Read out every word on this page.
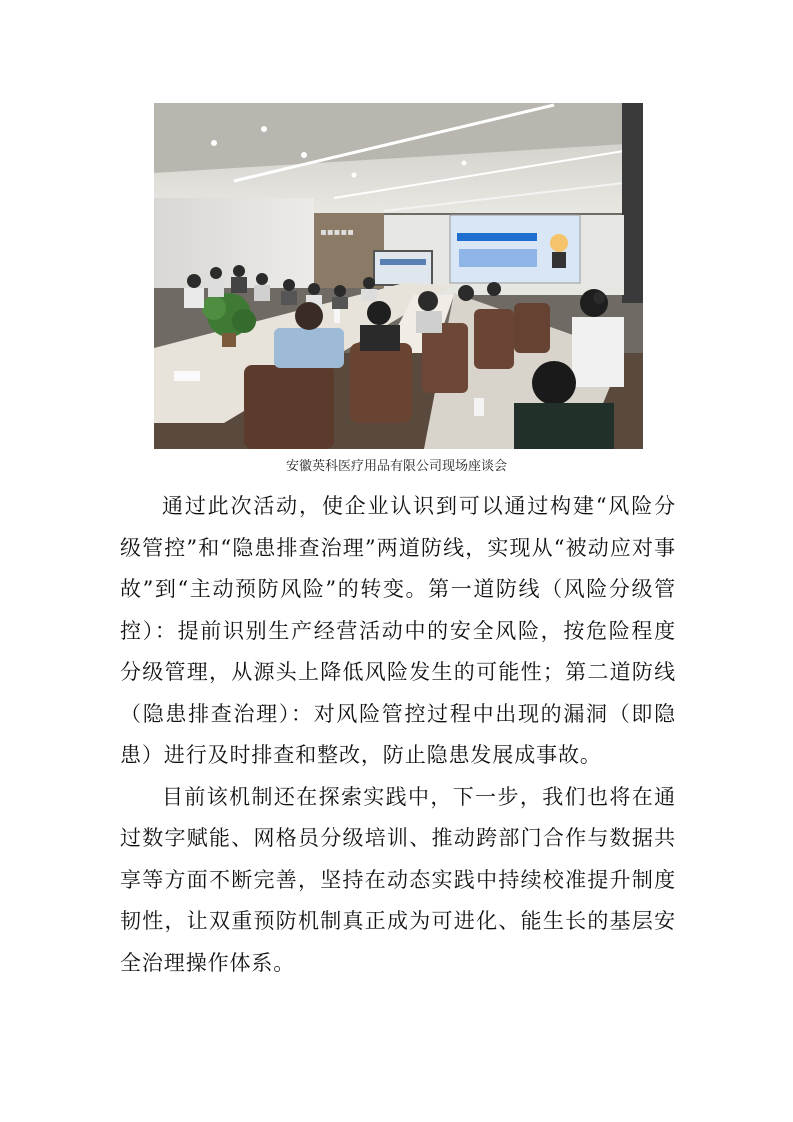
▪▪▪▪▪
安徽英科医疗用品有限公司现场座谈会

通过此次活动，使企业认识到可以通过构建“风险分级管控”和“隐患排查治理”两道防线，实现从“被动应对事故”到“主动预防风险”的转变。第一道防线（风险分级管控）：提前识别生产经营活动中的安全风险，按危险程度分级管理，从源头上降低风险发生的可能性；第二道防线（隐患排查治理）：对风险管控过程中出现的漏洞（即隐患）进行及时排查和整改，防止隐患发展成事故。

目前该机制还在探索实践中，下一步，我们也将在通过数字赋能、网格员分级培训、推动跨部门合作与数据共享等方面不断完善，坚持在动态实践中持续校准提升制度韧性，让双重预防机制真正成为可进化、能生长的基层安全治理操作体系。
